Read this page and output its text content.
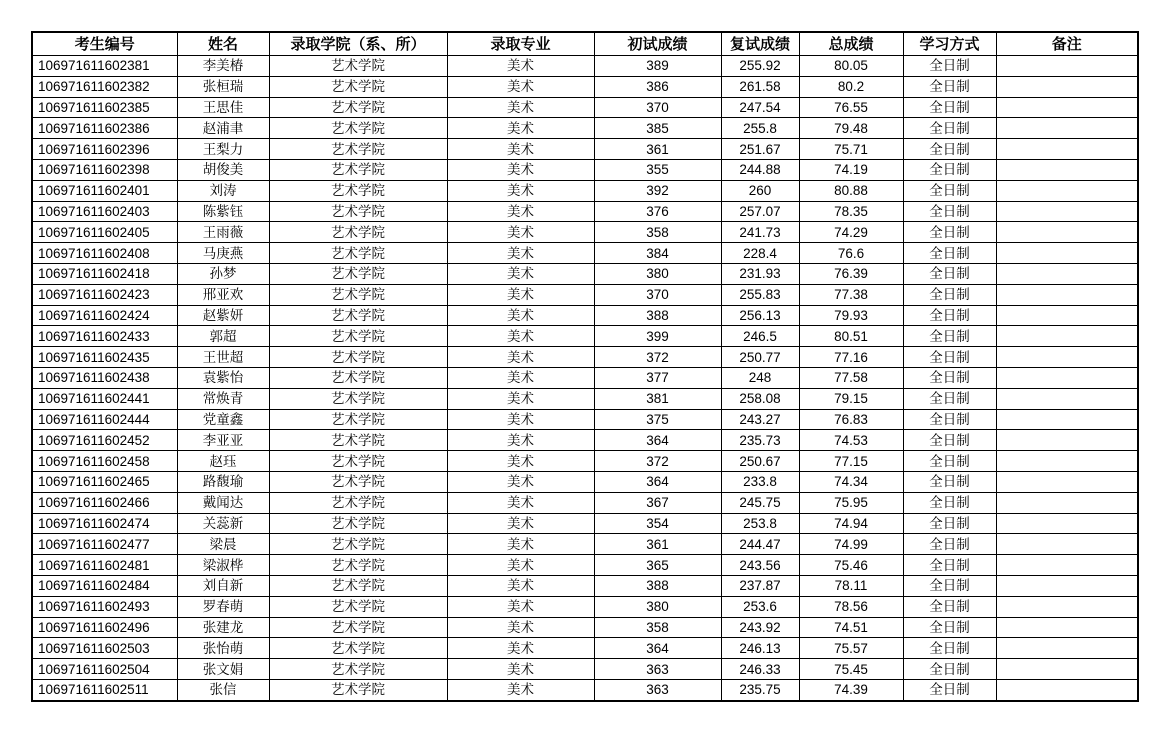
考生编号	姓名	录取学院（系、所）	录取专业	初试成绩	复试成绩	总成绩	学习方式	备注
106971611602381	李美椿	艺术学院	美术	389	255.92	80.05	全日制	
106971611602382	张桓瑞	艺术学院	美术	386	261.58	80.2	全日制	
106971611602385	王思佳	艺术学院	美术	370	247.54	76.55	全日制	
106971611602386	赵浦聿	艺术学院	美术	385	255.8	79.48	全日制	
106971611602396	王梨力	艺术学院	美术	361	251.67	75.71	全日制	
106971611602398	胡俊美	艺术学院	美术	355	244.88	74.19	全日制	
106971611602401	刘涛	艺术学院	美术	392	260	80.88	全日制	
106971611602403	陈紫钰	艺术学院	美术	376	257.07	78.35	全日制	
106971611602405	王雨薇	艺术学院	美术	358	241.73	74.29	全日制	
106971611602408	马庚燕	艺术学院	美术	384	228.4	76.6	全日制	
106971611602418	孙梦	艺术学院	美术	380	231.93	76.39	全日制	
106971611602423	邢亚欢	艺术学院	美术	370	255.83	77.38	全日制	
106971611602424	赵紫妍	艺术学院	美术	388	256.13	79.93	全日制	
106971611602433	郭超	艺术学院	美术	399	246.5	80.51	全日制	
106971611602435	王世超	艺术学院	美术	372	250.77	77.16	全日制	
106971611602438	袁紫怡	艺术学院	美术	377	248	77.58	全日制	
106971611602441	常焕青	艺术学院	美术	381	258.08	79.15	全日制	
106971611602444	党童鑫	艺术学院	美术	375	243.27	76.83	全日制	
106971611602452	李亚亚	艺术学院	美术	364	235.73	74.53	全日制	
106971611602458	赵珏	艺术学院	美术	372	250.67	77.15	全日制	
106971611602465	路馥瑜	艺术学院	美术	364	233.8	74.34	全日制	
106971611602466	戴闻达	艺术学院	美术	367	245.75	75.95	全日制	
106971611602474	关蕊新	艺术学院	美术	354	253.8	74.94	全日制	
106971611602477	梁晨	艺术学院	美术	361	244.47	74.99	全日制	
106971611602481	梁淑桦	艺术学院	美术	365	243.56	75.46	全日制	
106971611602484	刘自新	艺术学院	美术	388	237.87	78.11	全日制	
106971611602493	罗春萌	艺术学院	美术	380	253.6	78.56	全日制	
106971611602496	张建龙	艺术学院	美术	358	243.92	74.51	全日制	
106971611602503	张怡萌	艺术学院	美术	364	246.13	75.57	全日制	
106971611602504	张文娟	艺术学院	美术	363	246.33	75.45	全日制	
106971611602511	张信	艺术学院	美术	363	235.75	74.39	全日制	
